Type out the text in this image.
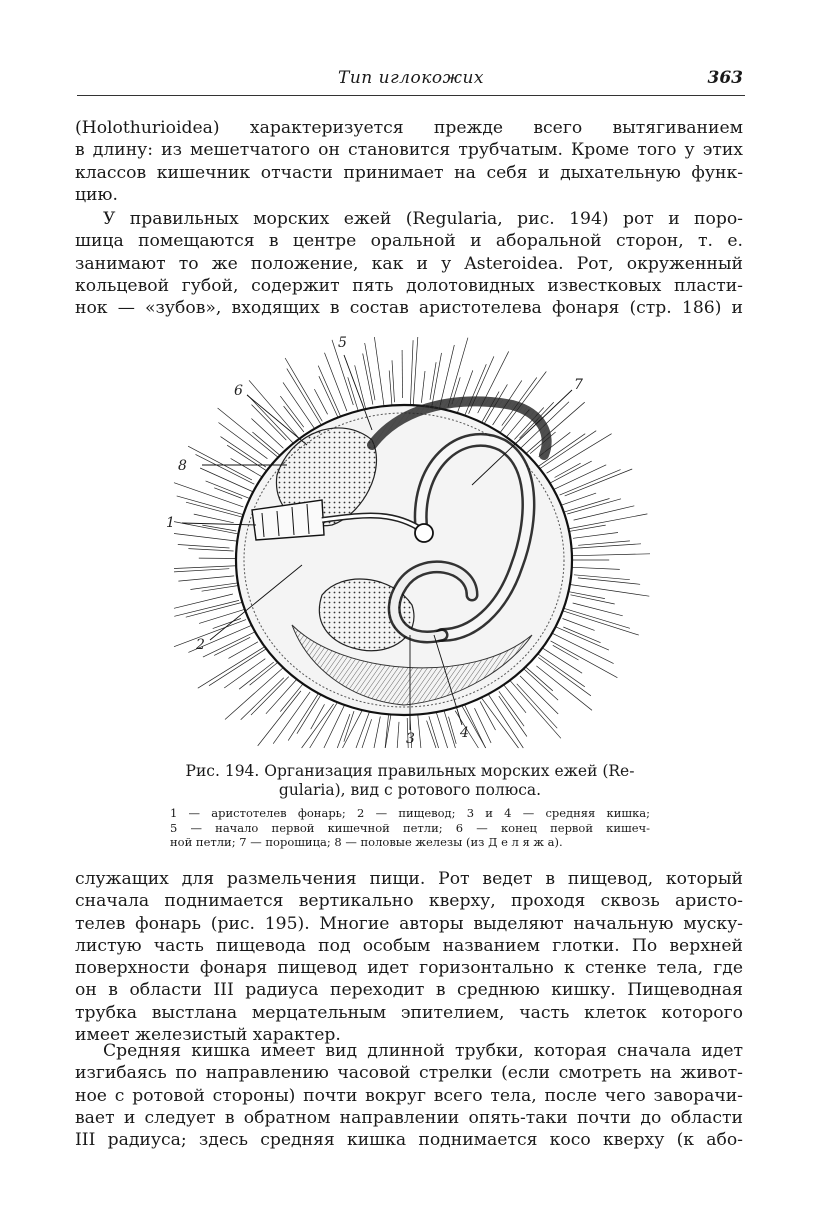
Тип иглокожих	363
(Holothurioidea) характеризуется прежде всего вытягиванием
в длину: из мешетчатого он становится трубчатым. Кроме того у этих
классов кишечник отчасти принимает на себя и дыхательную функ-
цию.
У правильных морских ежей (Regularia, рис. 194) рот и поро-
шица помещаются в центре оральной и аборальной сторон, т. е.
занимают то же положение, как и у Asteroidea. Рот, окруженный
кольцевой губой, содержит пять долотовидных известковых пласти-
нок — «зубов», входящих в состав аристотелева фонаря (стр. 186) и
5
6	7
8
1
2
3	4
Рис. 194. Организация правильных морских ежей (Re-
gularia), вид с ротового полюса.
1 — аристотелев фонарь; 2 — пищевод; 3 и 4 — средняя кишка;
5 — начало первой кишечной петли; 6 — конец первой кишеч-
ной петли; 7 — порошица; 8 — половые железы (из Д е л я ж а).
служащих для размельчения пищи. Рот ведет в пищевод, который
сначала поднимается вертикально кверху, проходя сквозь аристо-
телев фонарь (рис. 195). Многие авторы выделяют начальную муску-
листую часть пищевода под особым названием глотки. По верхней
поверхности фонаря пищевод идет горизонтально к стенке тела, где
он в области III радиуса переходит в среднюю кишку. Пищеводная
трубка выстлана мерцательным эпителием, часть клеток которого
имеет железистый характер.
Средняя кишка имеет вид длинной трубки, которая сначала идет
изгибаясь по направлению часовой стрелки (если смотреть на живот-
ное с ротовой стороны) почти вокруг всего тела, после чего заворачи-
вает и следует в обратном направлении опять-таки почти до области
III радиуса; здесь средняя кишка поднимается косо кверху (к або-
